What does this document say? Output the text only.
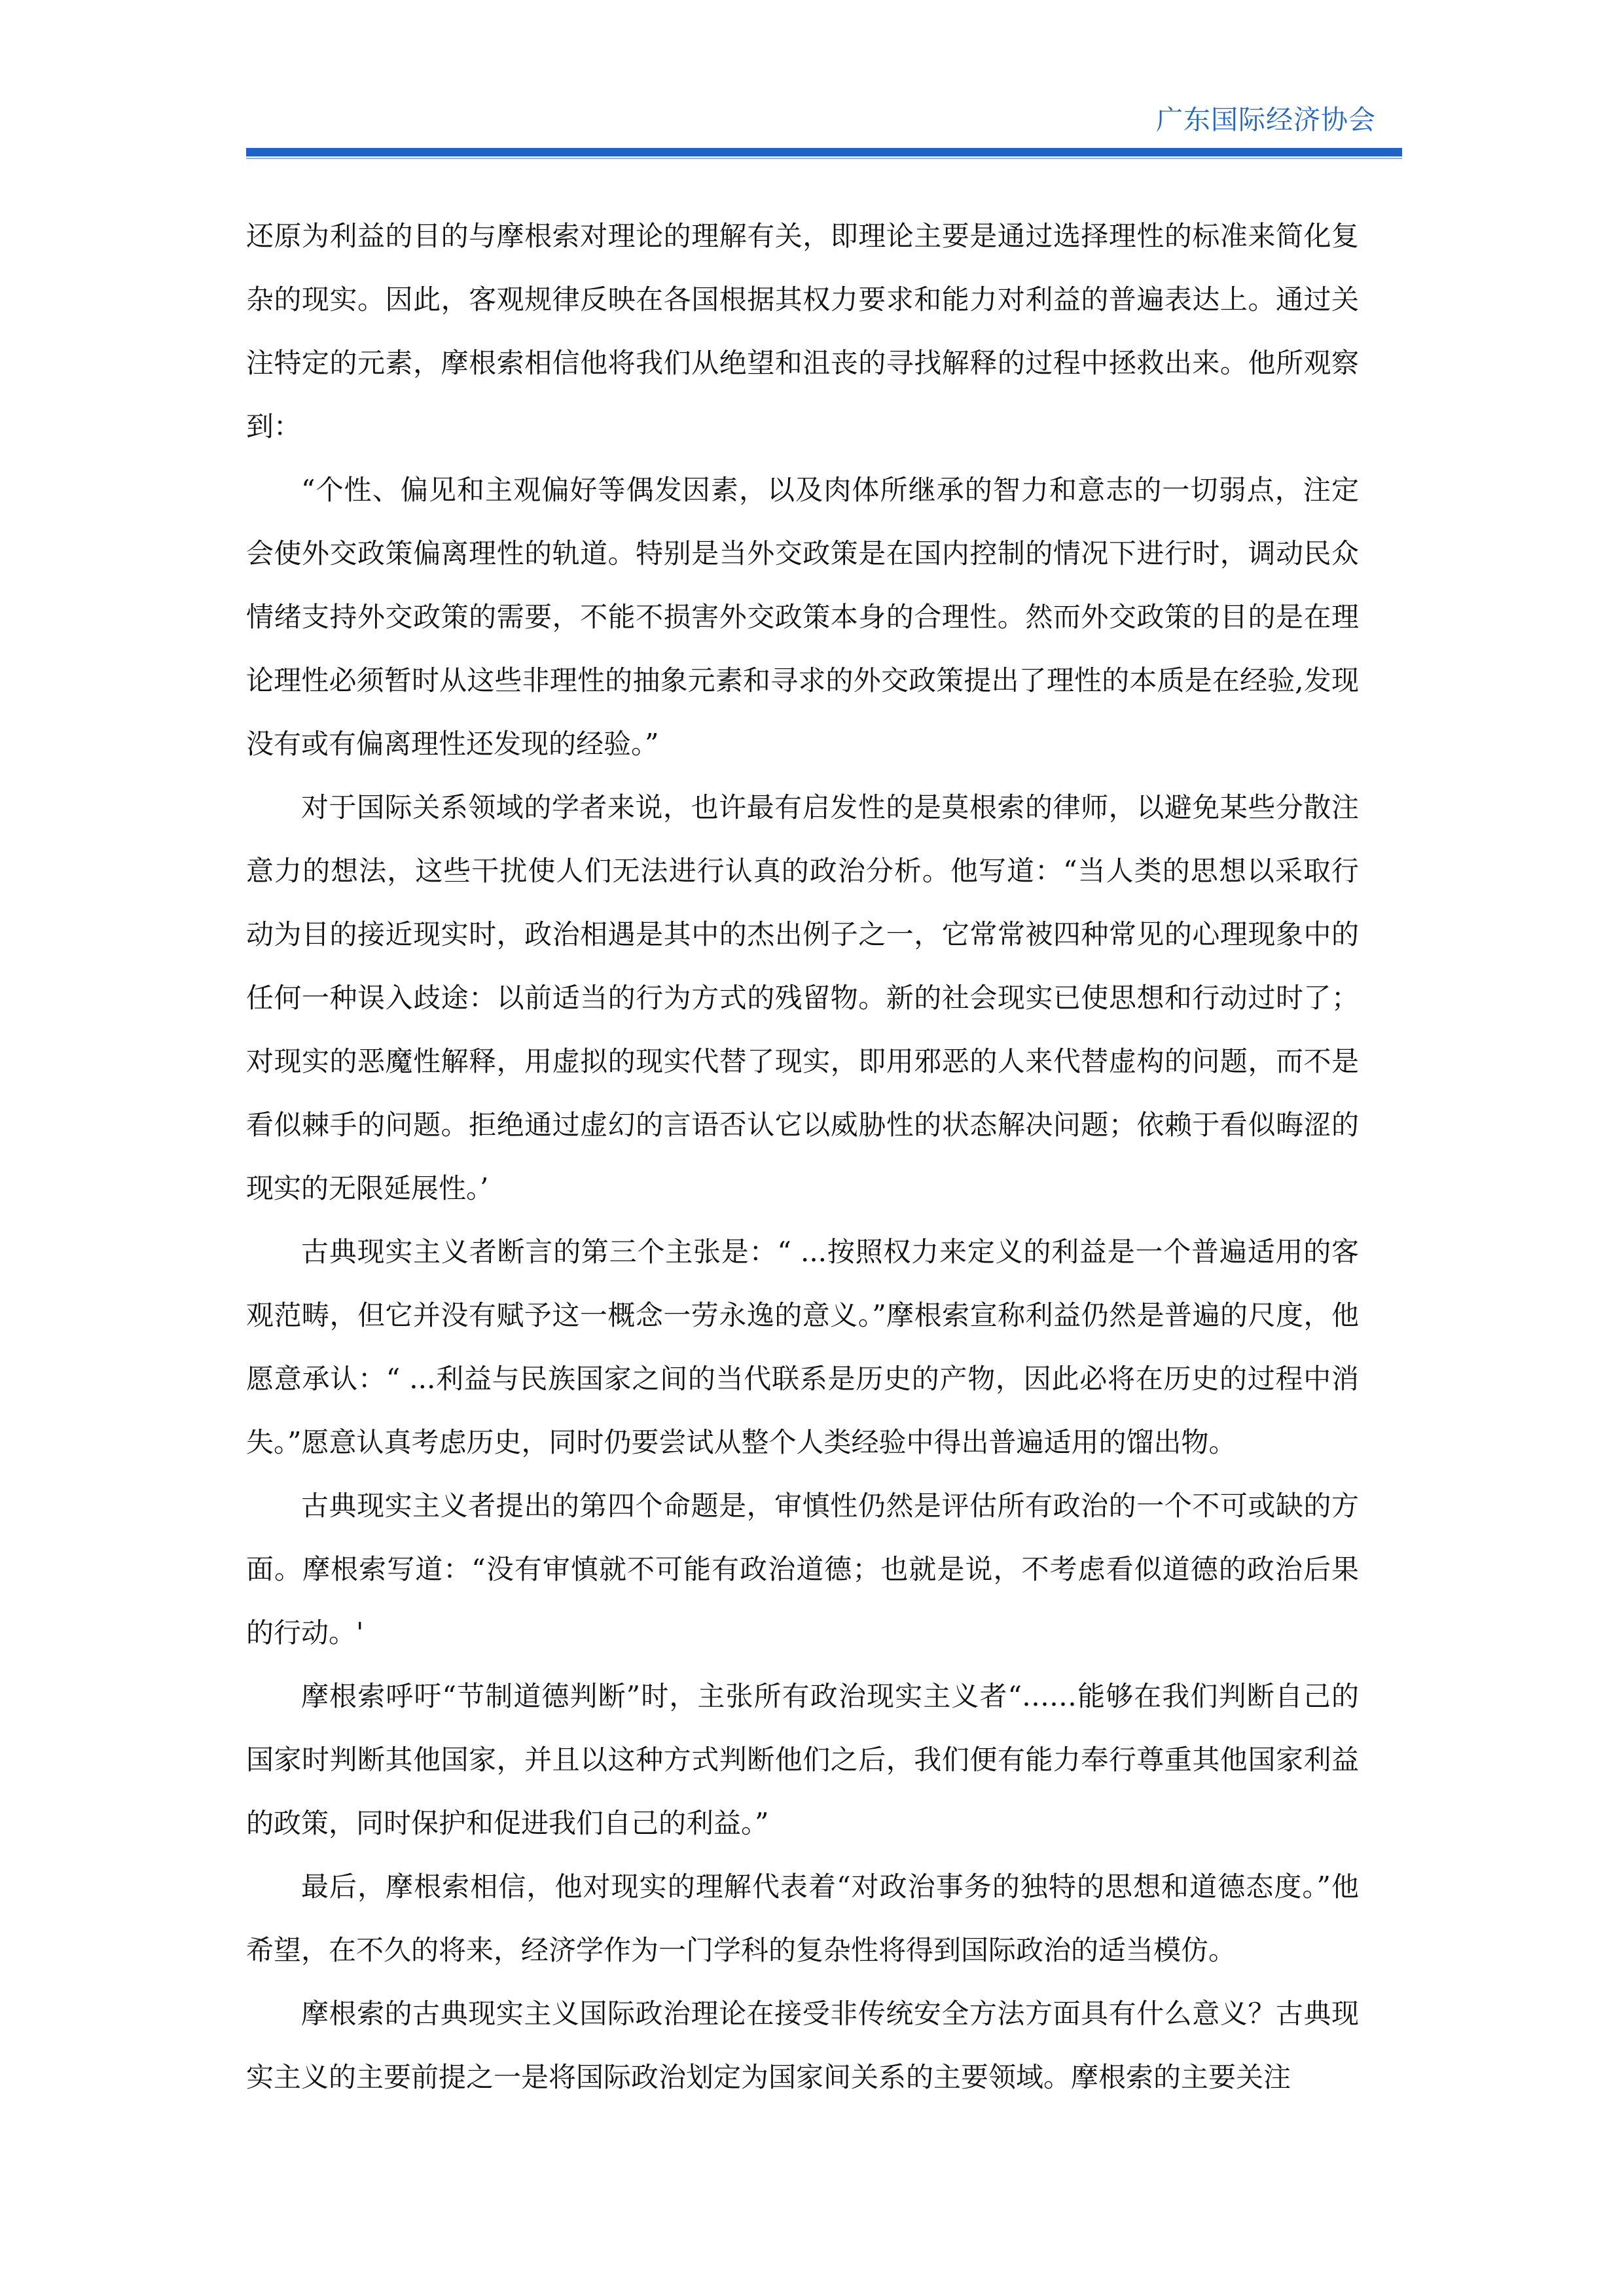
广东国际经济协会

还原为利益的目的与摩根索对理论的理解有关，即理论主要是通过选择理性的标准来简化复杂的现实。因此，客观规律反映在各国根据其权力要求和能力对利益的普遍表达上。通过关注特定的元素，摩根索相信他将我们从绝望和沮丧的寻找解释的过程中拯救出来。他所观察到：

“个性、偏见和主观偏好等偶发因素，以及肉体所继承的智力和意志的一切弱点，注定会使外交政策偏离理性的轨道。特别是当外交政策是在国内控制的情况下进行时，调动民众情绪支持外交政策的需要，不能不损害外交政策本身的合理性。然而外交政策的目的是在理论理性必须暂时从这些非理性的抽象元素和寻求的外交政策提出了理性的本质是在经验,发现没有或有偏离理性还发现的经验。”

对于国际关系领域的学者来说，也许最有启发性的是莫根索的律师，以避免某些分散注意力的想法，这些干扰使人们无法进行认真的政治分析。他写道：“当人类的思想以采取行动为目的接近现实时，政治相遇是其中的杰出例子之一，它常常被四种常见的心理现象中的任何一种误入歧途：以前适当的行为方式的残留物。新的社会现实已使思想和行动过时了；对现实的恶魔性解释，用虚拟的现实代替了现实，即用邪恶的人来代替虚构的问题，而不是看似棘手的问题。拒绝通过虚幻的言语否认它以威胁性的状态解决问题；依赖于看似晦涩的现实的无限延展性。’

古典现实主义者断言的第三个主张是：“ ...按照权力来定义的利益是一个普遍适用的客观范畴，但它并没有赋予这一概念一劳永逸的意义。”摩根索宣称利益仍然是普遍的尺度，他愿意承认：“ ...利益与民族国家之间的当代联系是历史的产物，因此必将在历史的过程中消失。”愿意认真考虑历史，同时仍要尝试从整个人类经验中得出普遍适用的馏出物。

古典现实主义者提出的第四个命题是，审慎性仍然是评估所有政治的一个不可或缺的方面。摩根索写道：“没有审慎就不可能有政治道德；也就是说，不考虑看似道德的政治后果的行动。'

摩根索呼吁“节制道德判断”时，主张所有政治现实主义者“……能够在我们判断自己的国家时判断其他国家，并且以这种方式判断他们之后，我们便有能力奉行尊重其他国家利益的政策，同时保护和促进我们自己的利益。”

最后，摩根索相信，他对现实的理解代表着“对政治事务的独特的思想和道德态度。”他希望，在不久的将来，经济学作为一门学科的复杂性将得到国际政治的适当模仿。

摩根索的古典现实主义国际政治理论在接受非传统安全方法方面具有什么意义？古典现实主义的主要前提之一是将国际政治划定为国家间关系的主要领域。摩根索的主要关注
